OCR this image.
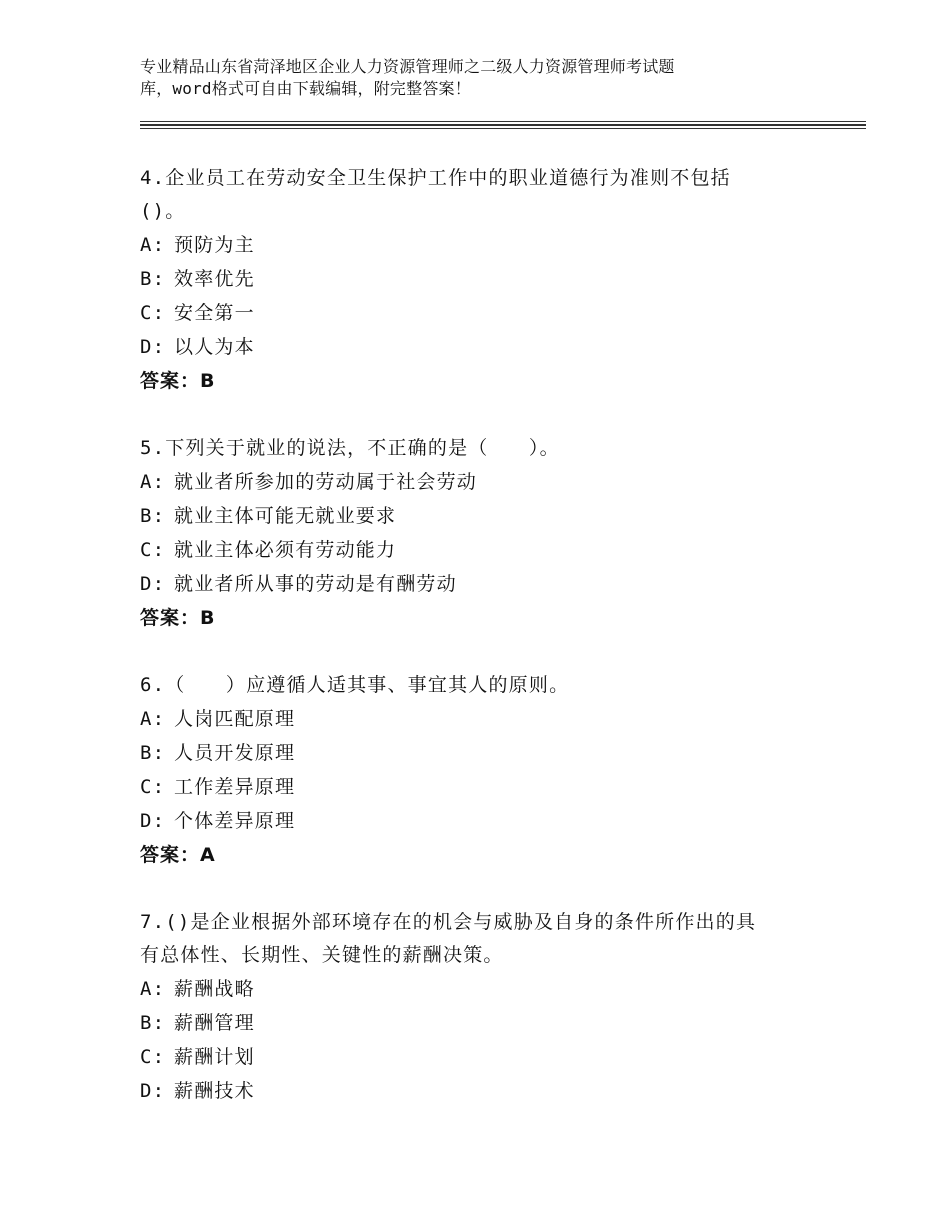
专业精品山东省菏泽地区企业人力资源管理师之二级人力资源管理师考试题
库，word格式可自由下载编辑，附完整答案！
4.企业员工在劳动安全卫生保护工作中的职业道德行为准则不包括
()。
A: 预防为主
B: 效率优先
C: 安全第一
D: 以人为本
答案：B
5.下列关于就业的说法，不正确的是（　　）。
A: 就业者所参加的劳动属于社会劳动
B: 就业主体可能无就业要求
C: 就业主体必须有劳动能力
D: 就业者所从事的劳动是有酬劳动
答案：B
6.（　　）应遵循人适其事、事宜其人的原则。
A: 人岗匹配原理
B: 人员开发原理
C: 工作差异原理
D: 个体差异原理
答案：A
7.()是企业根据外部环境存在的机会与威胁及自身的条件所作出的具
有总体性、长期性、关键性的薪酬决策。
A: 薪酬战略
B: 薪酬管理
C: 薪酬计划
D: 薪酬技术
